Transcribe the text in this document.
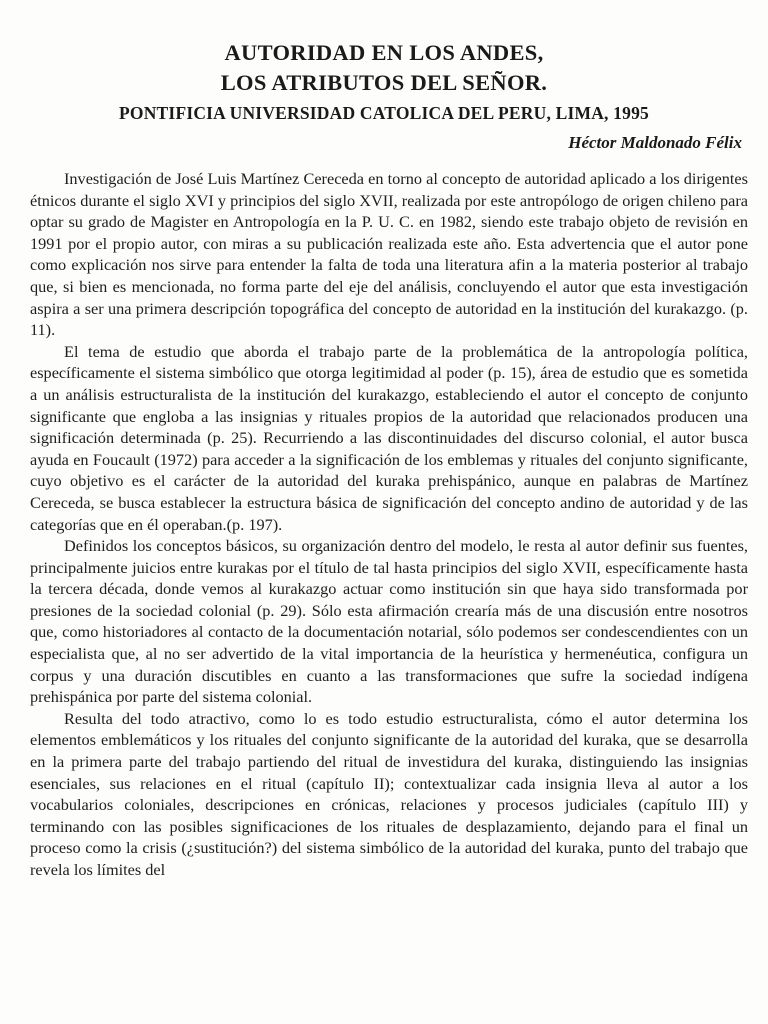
AUTORIDAD EN LOS ANDES,
LOS ATRIBUTOS DEL SEÑOR.
PONTIFICIA UNIVERSIDAD CATOLICA DEL PERU, LIMA, 1995
Héctor Maldonado Félix

Investigación de José Luis Martínez Cereceda en torno al concepto de autoridad aplicado a los dirigentes étnicos durante el siglo XVI y principios del siglo XVII, realizada por este antropólogo de origen chileno para optar su grado de Magister en Antropología en la P. U. C. en 1982, siendo este trabajo objeto de revisión en 1991 por el propio autor, con miras a su publicación realizada este año. Esta advertencia que el autor pone como explicación nos sirve para entender la falta de toda una literatura afin a la materia posterior al trabajo que, si bien es mencionada, no forma parte del eje del análisis, concluyendo el autor que esta investigación aspira a ser una primera descripción topográfica del concepto de autoridad en la institución del kurakazgo. (p. 11).

El tema de estudio que aborda el trabajo parte de la problemática de la antropología política, específicamente el sistema simbólico que otorga legitimidad al poder (p. 15), área de estudio que es sometida a un análisis estructuralista de la institución del kurakazgo, estableciendo el autor el concepto de conjunto significante que engloba a las insignias y rituales propios de la autoridad que relacionados producen una significación determinada (p. 25). Recurriendo a las discontinuidades del discurso colonial, el autor busca ayuda en Foucault (1972) para acceder a la significación de los emblemas y rituales del conjunto significante, cuyo objetivo es el carácter de la autoridad del kuraka prehispánico, aunque en palabras de Martínez Cereceda, se busca establecer la estructura básica de significación del concepto andino de autoridad y de las categorías que en él operaban.(p. 197).

Definidos los conceptos básicos, su organización dentro del modelo, le resta al autor definir sus fuentes, principalmente juicios entre kurakas por el título de tal hasta principios del siglo XVII, específicamente hasta la tercera década, donde vemos al kurakazgo actuar como institución sin que haya sido transformada por presiones de la sociedad colonial (p. 29). Sólo esta afirmación crearía más de una discusión entre nosotros que, como historiadores al contacto de la documentación notarial, sólo podemos ser condescendientes con un especialista que, al no ser advertido de la vital importancia de la heurística y hermenéutica, configura un corpus y una duración discutibles en cuanto a las transformaciones que sufre la sociedad indígena prehispánica por parte del sistema colonial.

Resulta del todo atractivo, como lo es todo estudio estructuralista, cómo el autor determina los elementos emblemáticos y los rituales del conjunto significante de la autoridad del kuraka, que se desarrolla en la primera parte del trabajo partiendo del ritual de investidura del kuraka, distinguiendo las insignias esenciales, sus relaciones en el ritual (capítulo II); contextualizar cada insignia lleva al autor a los vocabularios coloniales, descripciones en crónicas, relaciones y procesos judiciales (capítulo III) y terminando con las posibles significaciones de los rituales de desplazamiento, dejando para el final un proceso como la crisis (¿sustitución?) del sistema simbólico de la autoridad del kuraka, punto del trabajo que revela los límites del
